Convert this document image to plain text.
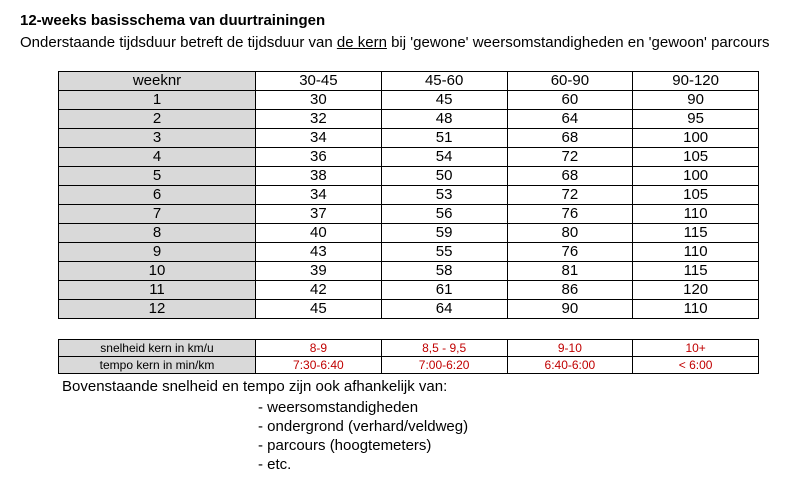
12-weeks basisschema van duurtrainingen
Onderstaande tijdsduur betreft de tijdsduur van de kern bij 'gewone' weersomstandigheden en 'gewoon' parcours
weeknr	30-45	45-60	60-90	90-120
1	30	45	60	90
2	32	48	64	95
3	34	51	68	100
4	36	54	72	105
5	38	50	68	100
6	34	53	72	105
7	37	56	76	110
8	40	59	80	115
9	43	55	76	110
10	39	58	81	115
11	42	61	86	120
12	45	64	90	110
snelheid kern in km/u	8-9	8,5 - 9,5	9-10	10+
tempo kern in min/km	7:30-6:40	7:00-6:20	6:40-6:00	< 6:00
Bovenstaande snelheid en tempo zijn ook afhankelijk van:
- weersomstandigheden
- ondergrond (verhard/veldweg)
- parcours (hoogtemeters)
- etc.
